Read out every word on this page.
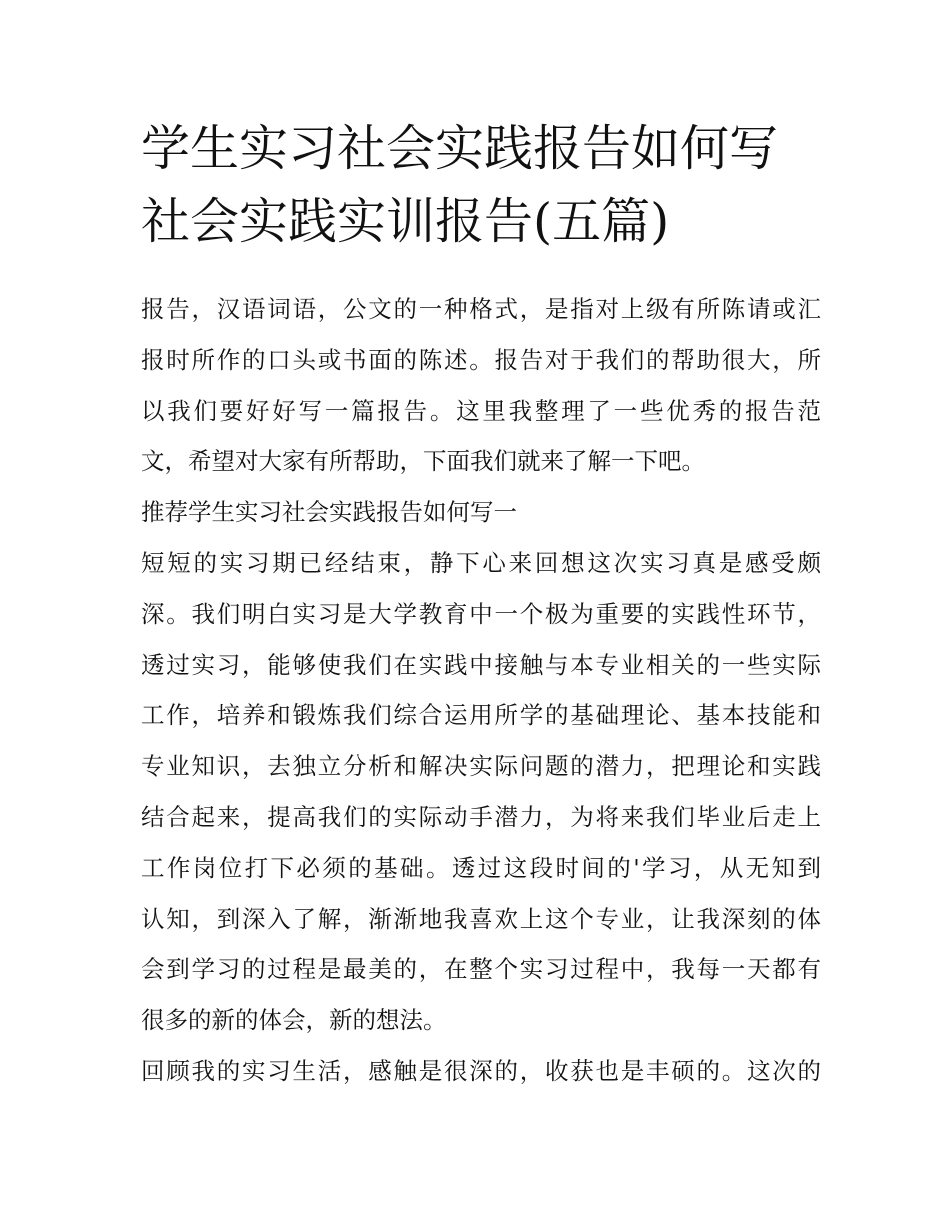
学生实习社会实践报告如何写
社会实践实训报告(五篇)

报告，汉语词语，公文的一种格式，是指对上级有所陈请或汇
报时所作的口头或书面的陈述。报告对于我们的帮助很大，所
以我们要好好写一篇报告。这里我整理了一些优秀的报告范
文，希望对大家有所帮助，下面我们就来了解一下吧。

推荐学生实习社会实践报告如何写一

短短的实习期已经结束，静下心来回想这次实习真是感受颇
深。我们明白实习是大学教育中一个极为重要的实践性环节，
透过实习，能够使我们在实践中接触与本专业相关的一些实际
工作，培养和锻炼我们综合运用所学的基础理论、基本技能和
专业知识，去独立分析和解决实际问题的潜力，把理论和实践
结合起来，提高我们的实际动手潜力，为将来我们毕业后走上
工作岗位打下必须的基础。透过这段时间的'学习，从无知到
认知，到深入了解，渐渐地我喜欢上这个专业，让我深刻的体
会到学习的过程是最美的，在整个实习过程中，我每一天都有
很多的新的体会，新的想法。

回顾我的实习生活，感触是很深的，收获也是丰硕的。这次的
